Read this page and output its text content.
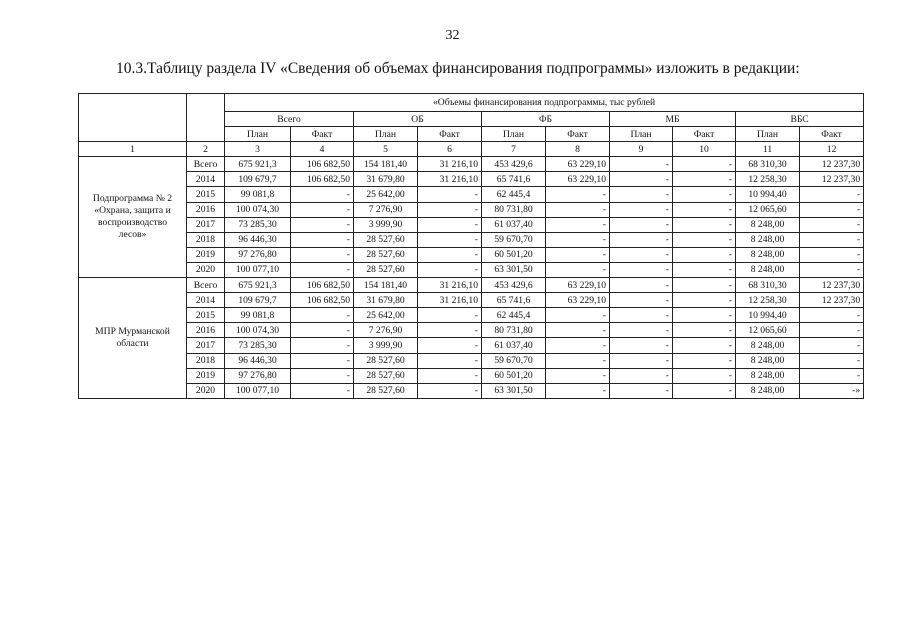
32
10.3.Таблицу раздела IV «Сведения об объемах финансирования подпрограммы» изложить в редакции:
		«Объемы финансирования подпрограммы, тыс рублей									
		Всего		ОБ		ФБ		МБ		ВБС	
		План	Факт	План	Факт	План	Факт	План	Факт	План	Факт
1	2	3	4	5	6	7	8	9	10	11	12
Подпрограмма № 2 «Охрана, защита и воспроизводство лесов»	Всего	675 921,3	106 682,50	154 181,40	31 216,10	453 429,6	63 229,10	-	-	68 310,30	12 237,30
	2014	109 679,7	106 682,50	31 679,80	31 216,10	65 741,6	63 229,10	-	-	12 258,30	12 237,30
	2015	99 081,8	-	25 642,00	-	62 445,4	-	-	-	10 994,40	-
	2016	100 074,30	-	7 276,90	-	80 731,80	-	-	-	12 065,60	-
	2017	73 285,30	-	3 999,90	-	61 037,40	-	-	-	8 248,00	-
	2018	96 446,30	-	28 527,60	-	59 670,70	-	-	-	8 248,00	-
	2019	97 276,80	-	28 527,60	-	60 501,20	-	-	-	8 248,00	-
	2020	100 077,10	-	28 527,60	-	63 301,50	-	-	-	8 248,00	-
МПР Мурманской области	Всего	675 921,3	106 682,50	154 181,40	31 216,10	453 429,6	63 229,10	-	-	68 310,30	12 237,30
	2014	109 679,7	106 682,50	31 679,80	31 216,10	65 741,6	63 229,10	-	-	12 258,30	12 237,30
	2015	99 081,8	-	25 642,00	-	62 445,4	-	-	-	10 994,40	-
	2016	100 074,30	-	7 276,90	-	80 731,80	-	-	-	12 065,60	-
	2017	73 285,30	-	3 999,90	-	61 037,40	-	-	-	8 248,00	-
	2018	96 446,30	-	28 527,60	-	59 670,70	-	-	-	8 248,00	-
	2019	97 276,80	-	28 527,60	-	60 501,20	-	-	-	8 248,00	-
	2020	100 077,10	-	28 527,60	-	63 301,50	-	-	-	8 248,00	-»
